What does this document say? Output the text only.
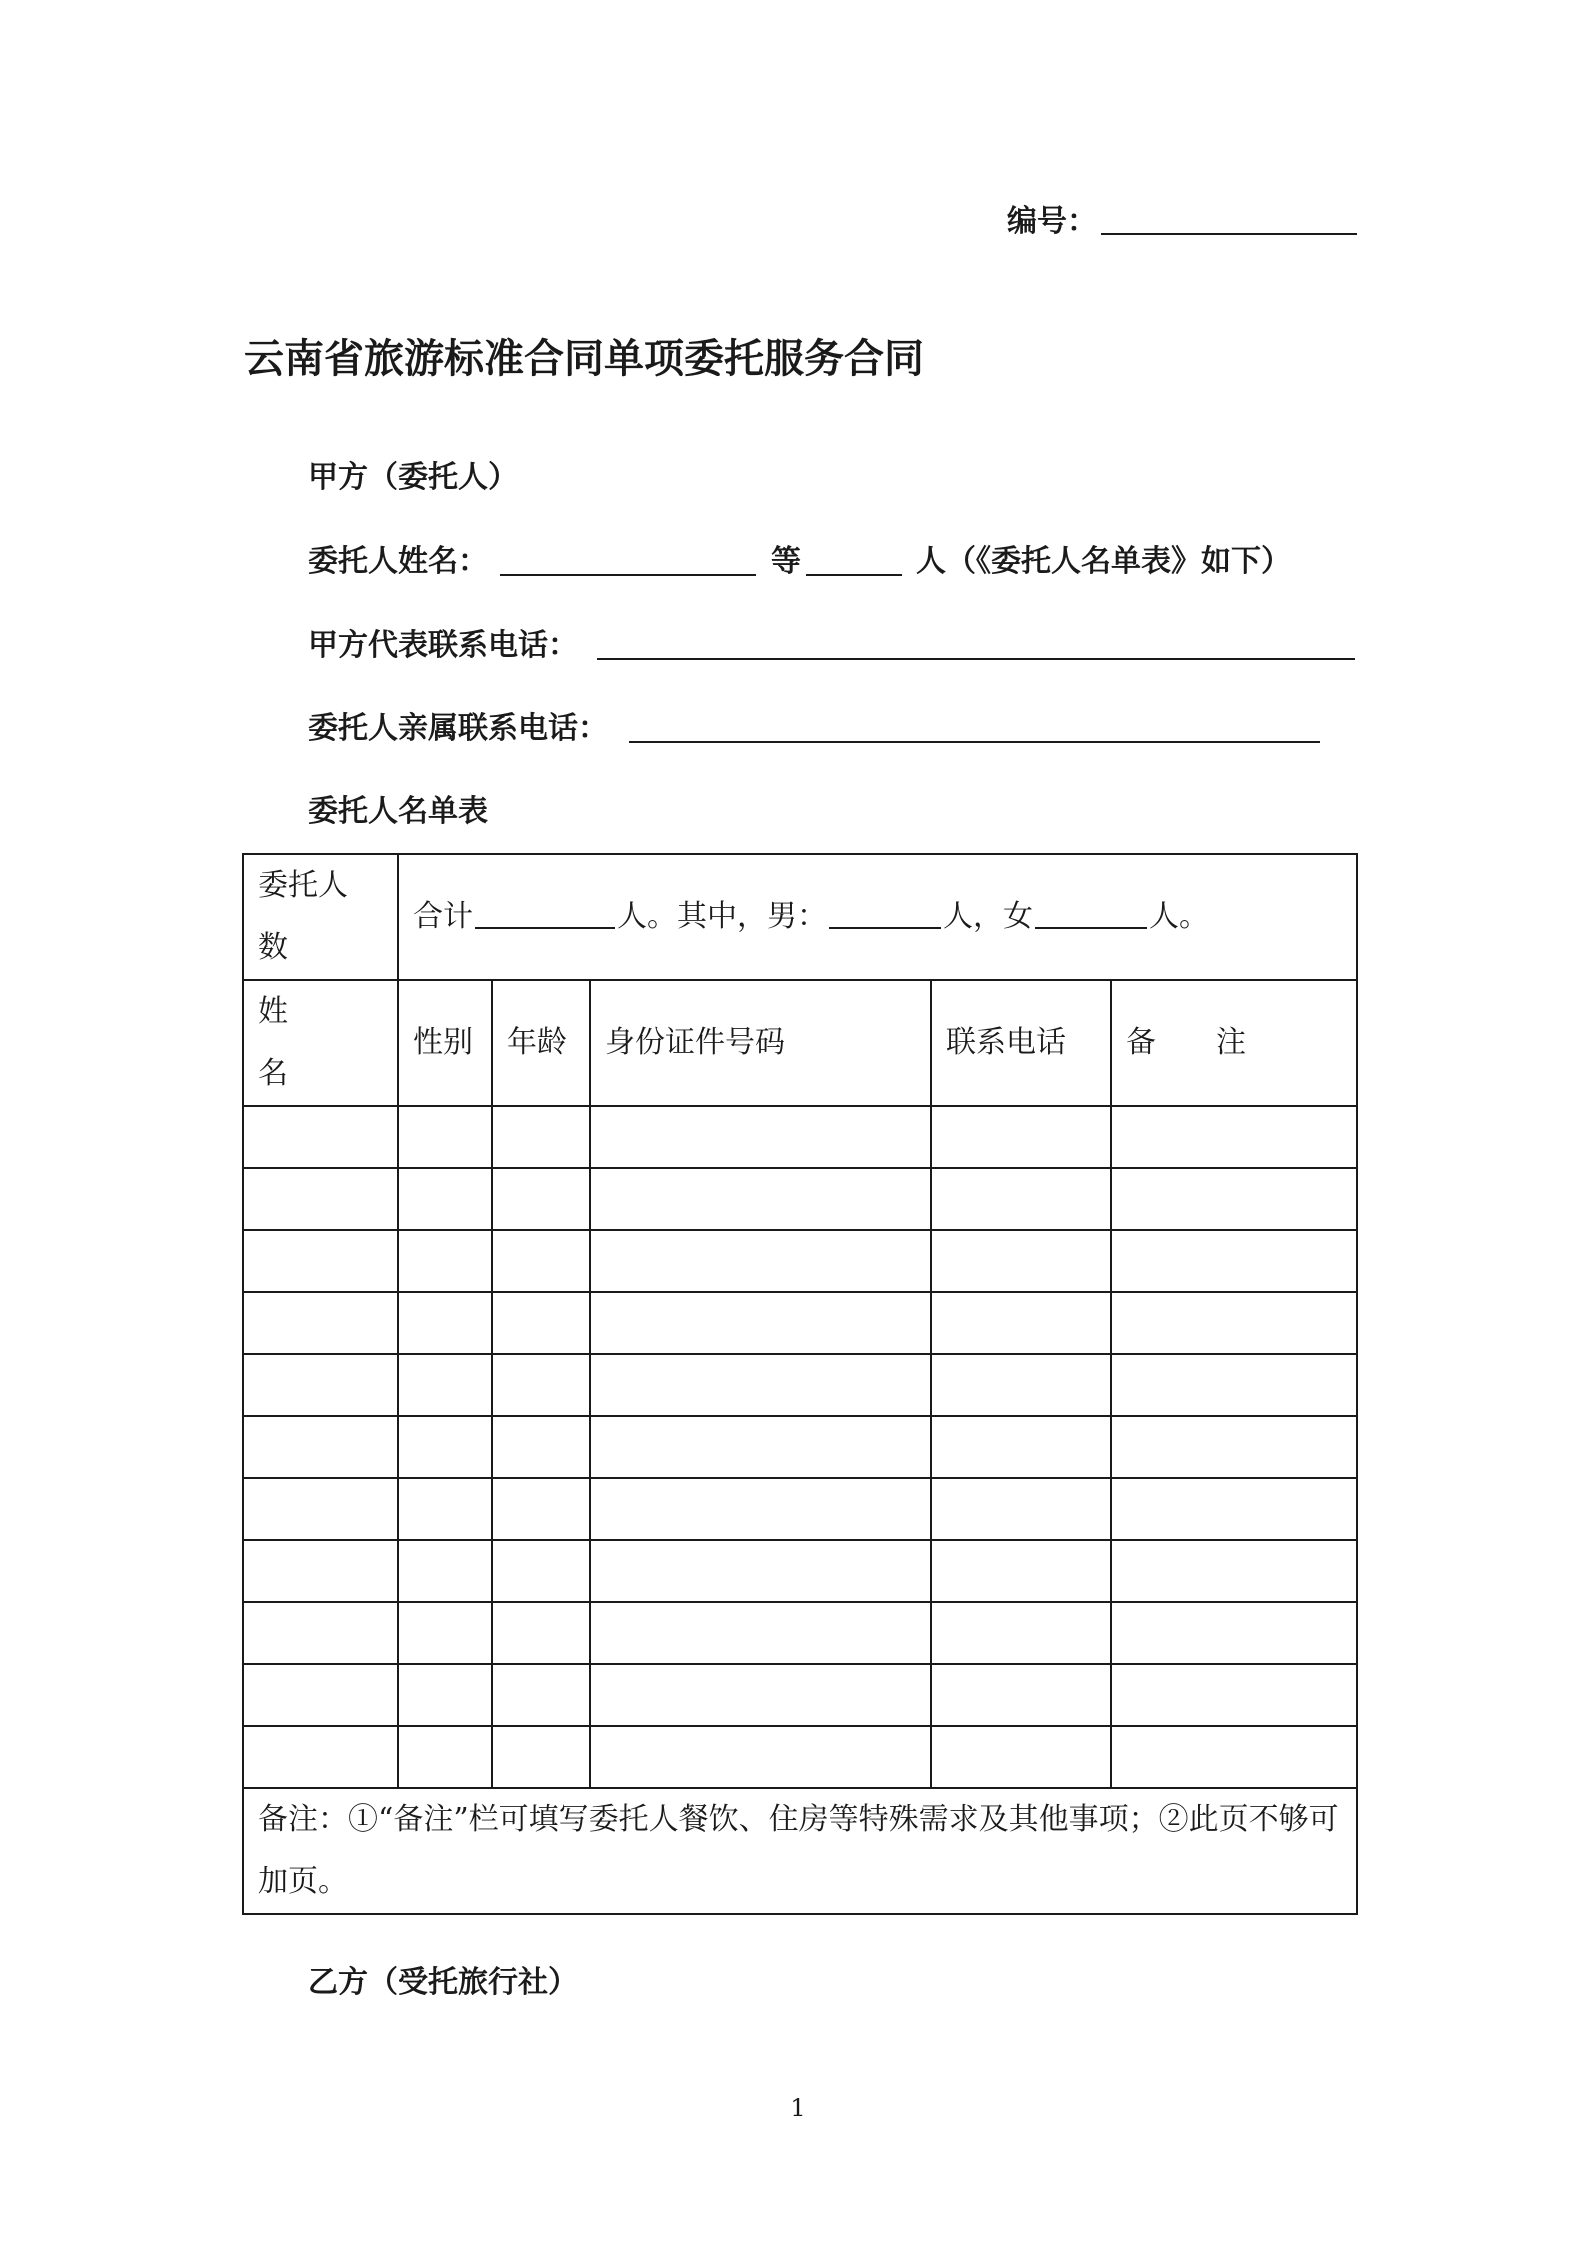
编号：
云南省旅游标准合同单项委托服务合同
甲方（委托人）
委托人姓名：	等	人（《委托人名单表》如下）
甲方代表联系电话：
委托人亲属联系电话：
委托人名单表
委托人
数	合计 人。其中，男： 人，女 人。				

姓
名	性别	年龄	身份证件号码	联系电话	备　　注

备注：①“备注”栏可填写委托人餐饮、住房等特殊需求及其他事项；②此页不够可加页。					
乙方（受托旅行社）
1
